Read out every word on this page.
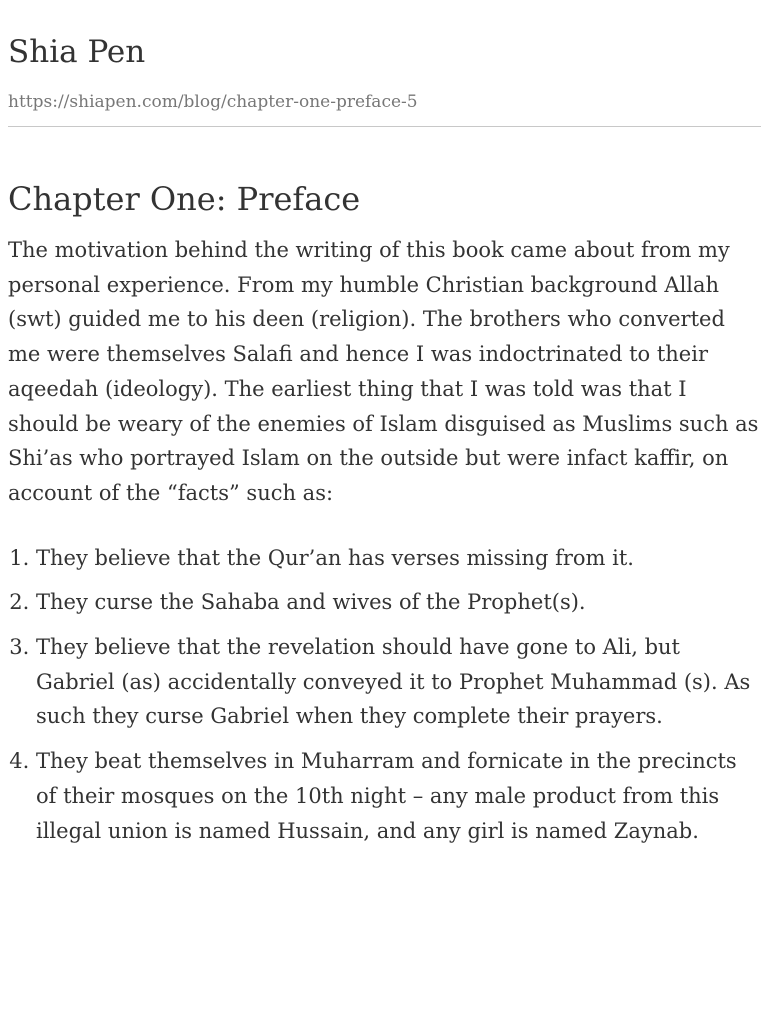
Shia Pen
https://shiapen.com/blog/chapter-one-preface-5
Chapter One: Preface

The motivation behind the writing of this book came about from my personal experience. From my humble Christian background Allah (swt) guided me to his deen (religion). The brothers who converted me were themselves Salafi and hence I was indoctrinated to their aqeedah (ideology). The earliest thing that I was told was that I should be weary of the enemies of Islam disguised as Muslims such as Shi’as who portrayed Islam on the outside but were infact kaffir, on account of the “facts” such as:

1. They believe that the Qur’an has verses missing from it.
2. They curse the Sahaba and wives of the Prophet(s).
3. They believe that the revelation should have gone to Ali, but Gabriel (as) accidentally conveyed it to Prophet Muhammad (s). As such they curse Gabriel when they complete their prayers.
4. They beat themselves in Muharram and fornicate in the precincts of their mosques on the 10th night – any male product from this illegal union is named Hussain, and any girl is named Zaynab.
